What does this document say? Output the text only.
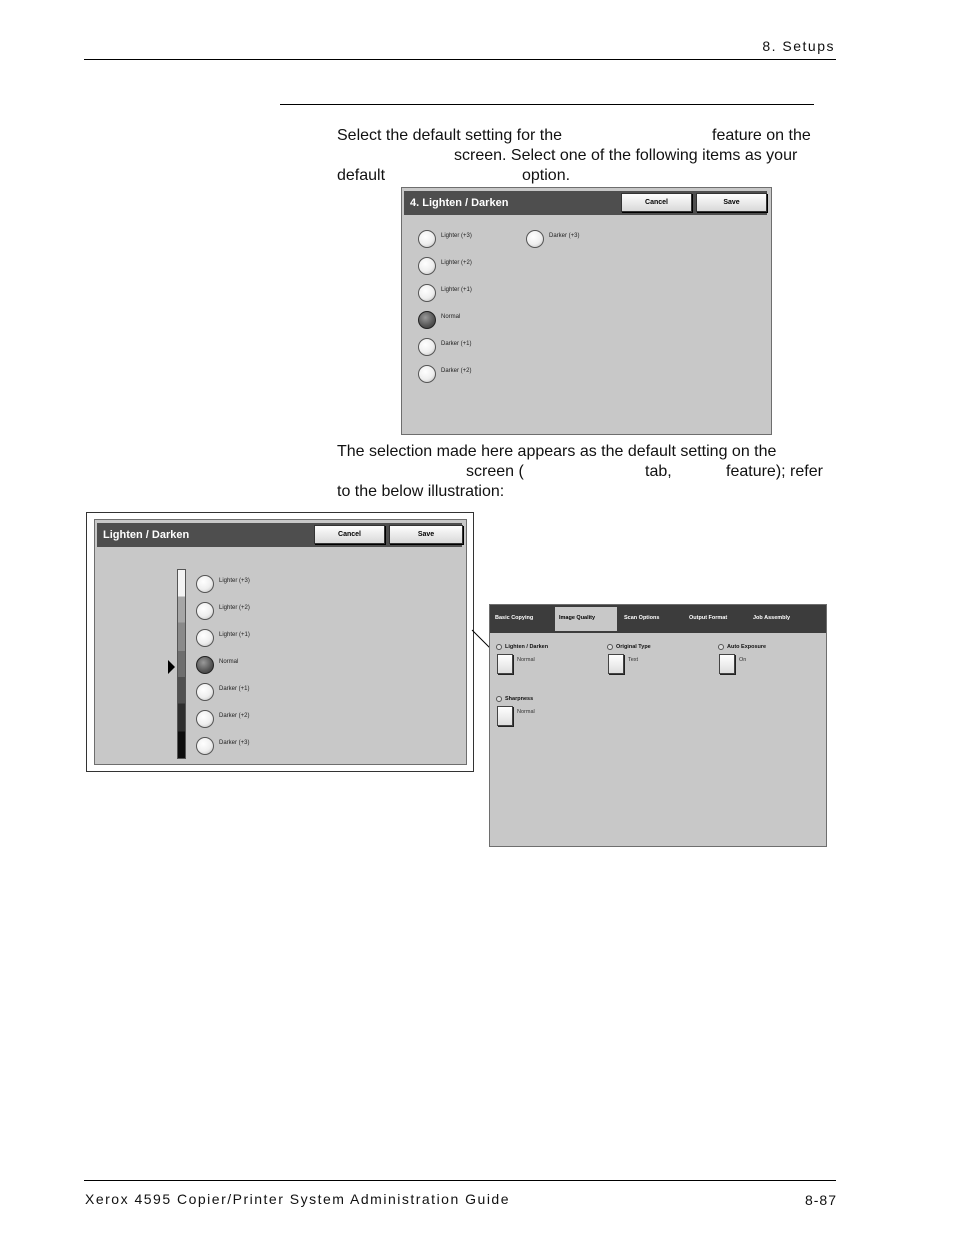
8. Setups
Select the default setting for the	feature on the
screen. Select one of the following items as your
default	option.
4. Lighten / Darken	Cancel	Save
Lighter (+3)
Lighter (+2)
Lighter (+1)
Normal
Darker (+1)
Darker (+2)
Darker (+3)
The selection made here appears as the default setting on the
screen (	tab,	feature); refer
to the below illustration:
Lighten / Darken	Cancel	Save
Lighter (+3)
Lighter (+2)
Lighter (+1)
Normal
Darker (+1)
Darker (+2)
Darker (+3)
Basic Copying	Image Quality	Scan Options	Output Format	Job Assembly
Lighten / Darken
Normal
Original Type
Text
Auto Exposure
On
Sharpness
Normal
Xerox 4595 Copier/Printer System Administration Guide	8-87
